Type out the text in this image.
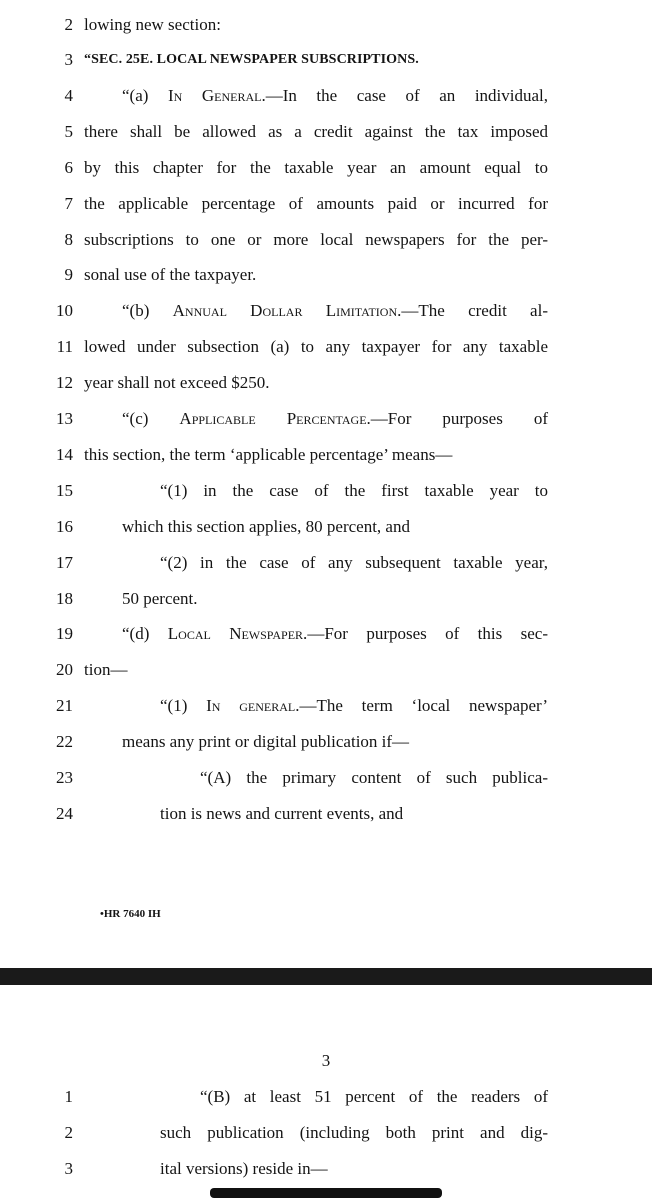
2 lowing new section:
3 “SEC. 25E. LOCAL NEWSPAPER SUBSCRIPTIONS.
4	“(a) In General.—In the case of an individual,
5 there shall be allowed as a credit against the tax imposed
6 by this chapter for the taxable year an amount equal to
7 the applicable percentage of amounts paid or incurred for
8 subscriptions to one or more local newspapers for the per-
9 sonal use of the taxpayer.
10	“(b) Annual Dollar Limitation.—The credit al-
11 lowed under subsection (a) to any taxpayer for any taxable
12 year shall not exceed $250.
13	“(c) Applicable Percentage.—For purposes of
14 this section, the term ‘applicable percentage’ means—
15	“(1) in the case of the first taxable year to
16	which this section applies, 80 percent, and
17	“(2) in the case of any subsequent taxable year,
18	50 percent.
19	“(d) Local Newspaper.—For purposes of this sec-
20 tion—
21	“(1) In general.—The term ‘local newspaper’
22	means any print or digital publication if—
23	“(A) the primary content of such publica-
24	tion is news and current events, and
•HR 7640 IH
3
1	“(B) at least 51 percent of the readers of
2	such publication (including both print and dig-
3	ital versions) reside in—
